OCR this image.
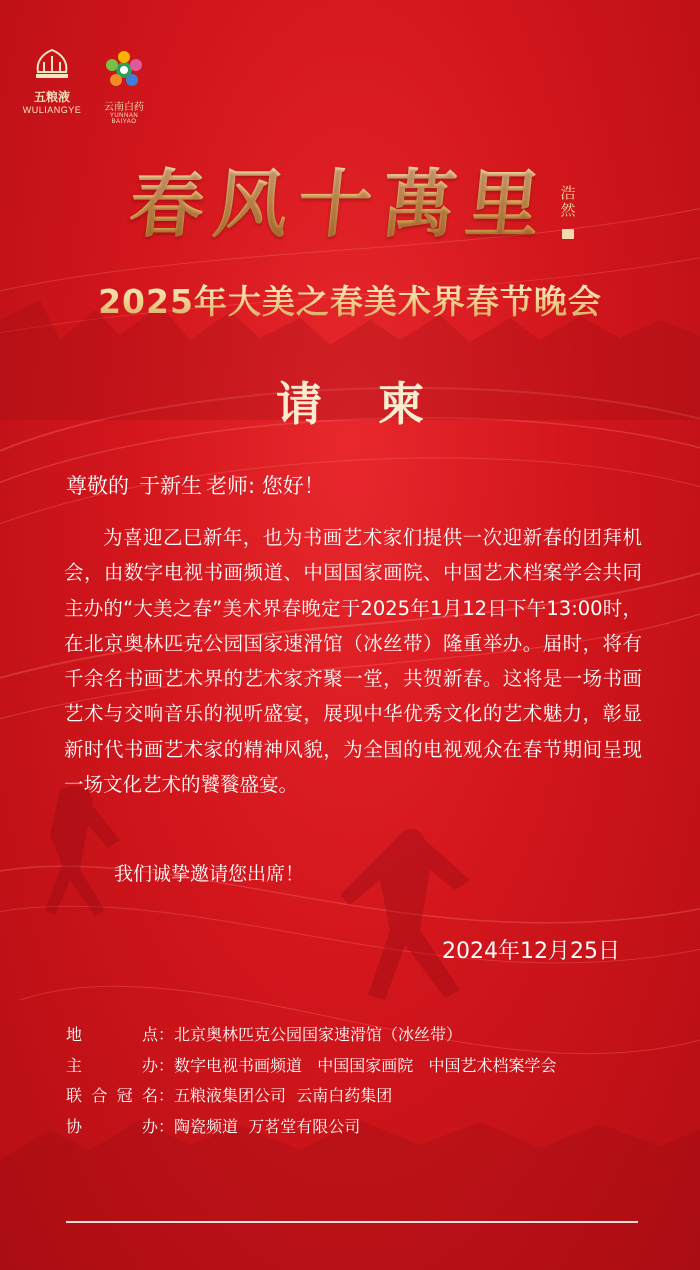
五粮液
WULIANGYE	云南白药
YUNNAN BAIYAO
春风十萬里 浩然
2025年大美之春美术界春节晚会
请柬
尊敬的 于新生 老师: 您好！

为喜迎乙巳新年，也为书画艺术家们提供一次迎新春的团拜机会，由数字电视书画频道、中国国家画院、中国艺术档案学会共同主办的“大美之春”美术界春晚定于2025年1月12日下午13:00时，在北京奥林匹克公园国家速滑馆（冰丝带）隆重举办。届时，将有千余名书画艺术界的艺术家齐聚一堂，共贺新春。这将是一场书画艺术与交响音乐的视听盛宴，展现中华优秀文化的艺术魅力，彰显新时代书画艺术家的精神风貌，为全国的电视观众在春节期间呈现一场文化艺术的饕餮盛宴。

我们诚挚邀请您出席！
2024年12月25日
地	点 ： 北京奥林匹克公园国家速滑馆（冰丝带）
主	办 ： 数字电视书画频道   中国国家画院   中国艺术档案学会
联 合 冠 名 ： 五粮液集团公司  云南白药集团
协	办 ： 陶瓷频道  万茗堂有限公司
